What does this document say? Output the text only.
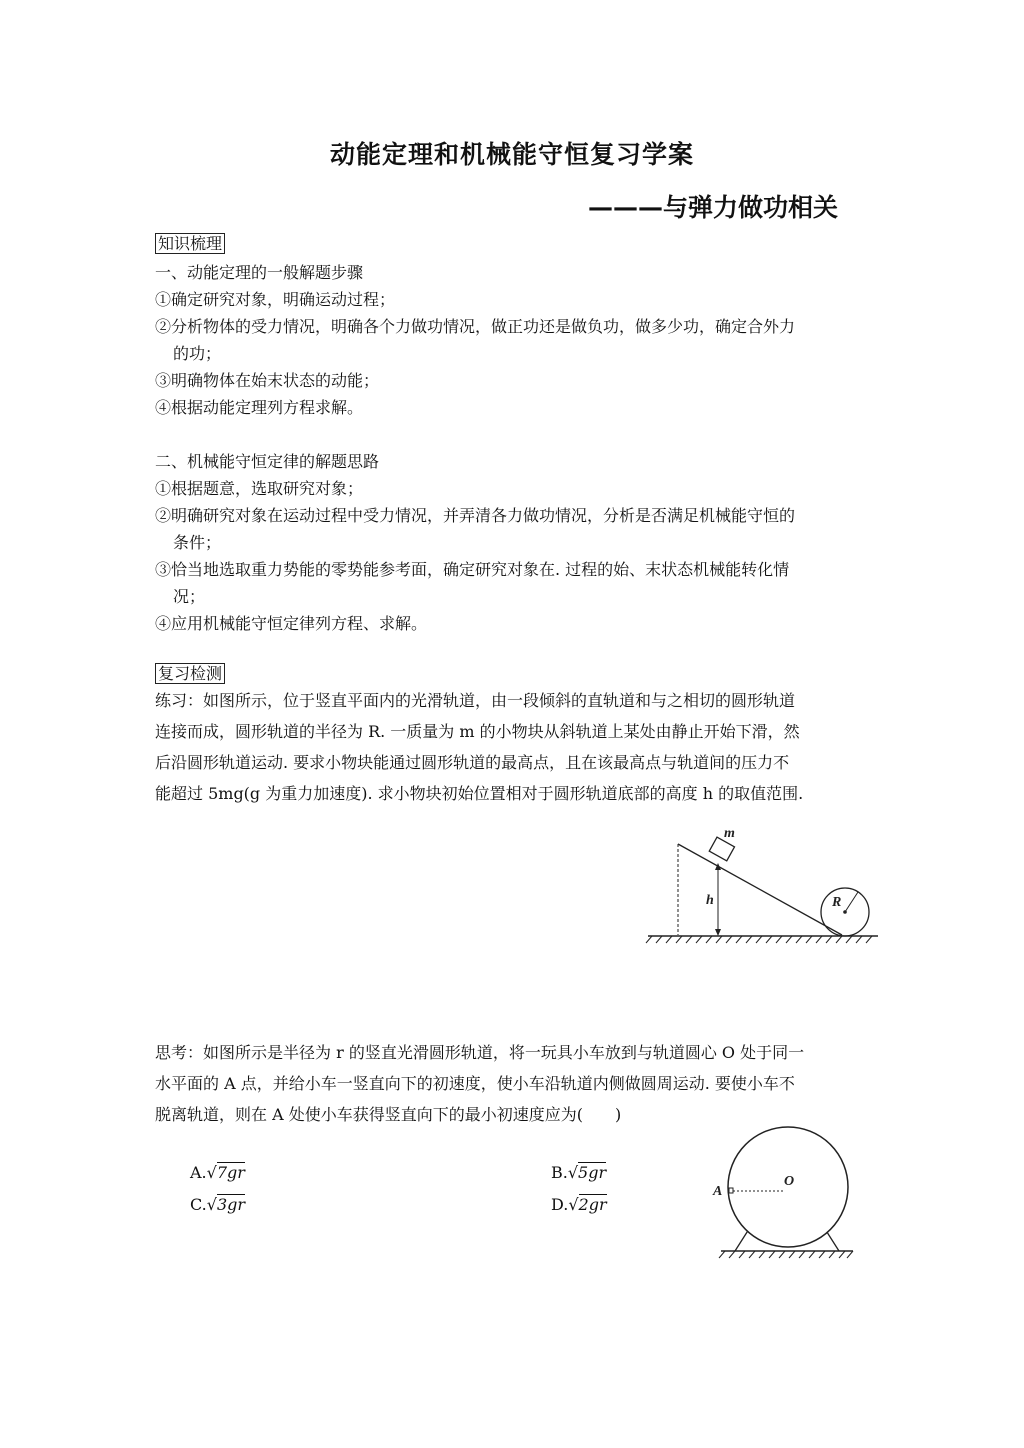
动能定理和机械能守恒复习学案
———与弹力做功相关
知识梳理
一、动能定理的一般解题步骤
①确定研究对象，明确运动过程；
②分析物体的受力情况，明确各个力做功情况，做正功还是做负功，做多少功，确定合外力
的功；
③明确物体在始末状态的动能；
④根据动能定理列方程求解。
二、机械能守恒定律的解题思路
①根据题意，选取研究对象；
②明确研究对象在运动过程中受力情况，并弄清各力做功情况，分析是否满足机械能守恒的
条件；
③恰当地选取重力势能的零势能参考面，确定研究对象在. 过程的始、末状态机械能转化情
况；
④应用机械能守恒定律列方程、求解。
复习检测
练习：如图所示，位于竖直平面内的光滑轨道，由一段倾斜的直轨道和与之相切的圆形轨道
连接而成，圆形轨道的半径为 R. 一质量为 m 的小物块从斜轨道上某处由静止开始下滑，然
后沿圆形轨道运动. 要求小物块能通过圆形轨道的最高点，且在该最高点与轨道间的压力不
能超过 5mg(g 为重力加速度). 求小物块初始位置相对于圆形轨道底部的高度 h 的取值范围.
m
h	R
思考：如图所示是半径为 r 的竖直光滑圆形轨道，将一玩具小车放到与轨道圆心 O 处于同一
水平面的 A 点，并给小车一竖直向下的初速度，使小车沿轨道内侧做圆周运动. 要使小车不
脱离轨道，则在 A 处使小车获得竖直向下的最小初速度应为(　　)
A.√7gr	B.√5gr
C.√3gr	D.√2gr
A
O
